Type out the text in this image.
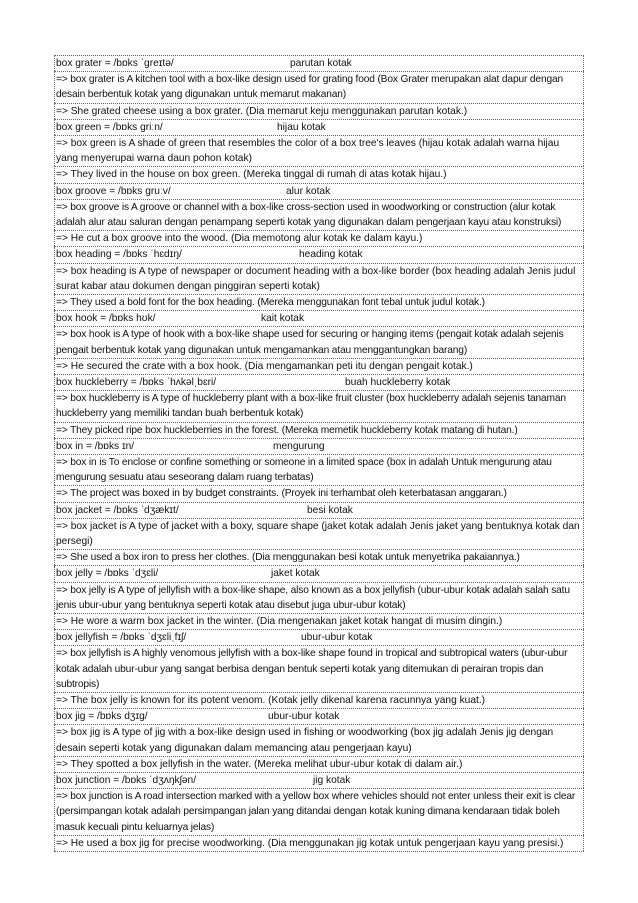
box grater = /bɒks ˈɡreɪtə/	parutan kotak
=> box grater is A kitchen tool with a box-like design used for grating food (Box Grater merupakan alat dapur dengan desain berbentuk kotak yang digunakan untuk memarut makanan)
=> She grated cheese using a box grater. (Dia memarut keju menggunakan parutan kotak.)
box green = /bɒks ɡriːn/	hijau kotak
=> box green is A shade of green that resembles the color of a box tree's leaves (hijau kotak adalah warna hijau yang menyerupai warna daun pohon kotak)
=> They lived in the house on box green. (Mereka tinggal di rumah di atas kotak hijau.)
box groove = /bɒks ɡruːv/	alur kotak
=> box groove is A groove or channel with a box-like cross-section used in woodworking or construction (alur kotak adalah alur atau saluran dengan penampang seperti kotak yang digunakan dalam pengerjaan kayu atau konstruksi)
=> He cut a box groove into the wood. (Dia memotong alur kotak ke dalam kayu.)
box heading = /bɒks ˈhɛdɪŋ/	heading kotak
=> box heading is A type of newspaper or document heading with a box-like border (box heading adalah Jenis judul surat kabar atau dokumen dengan pinggiran seperti kotak)
=> They used a bold font for the box heading. (Mereka menggunakan font tebal untuk judul kotak.)
box hook = /bɒks hʊk/	kait kotak
=> box hook is A type of hook with a box-like shape used for securing or hanging items (pengait kotak adalah sejenis pengait berbentuk kotak yang digunakan untuk mengamankan atau menggantungkan barang)
=> He secured the crate with a box hook. (Dia mengamankan peti itu dengan pengait kotak.)
box huckleberry = /bɒks ˈhʌkəlˌbɛri/	buah huckleberry kotak
=> box huckleberry is A type of huckleberry plant with a box-like fruit cluster (box huckleberry adalah sejenis tanaman huckleberry yang memiliki tandan buah berbentuk kotak)
=> They picked ripe box huckleberries in the forest. (Mereka memetik huckleberry kotak matang di hutan.)
box in = /bɒks ɪn/	mengurung
=> box in is To enclose or confine something or someone in a limited space (box in adalah Untuk mengurung atau mengurung sesuatu atau seseorang dalam ruang terbatas)
=> The project was boxed in by budget constraints. (Proyek ini terhambat oleh keterbatasan anggaran.)
box jacket = /bɒks ˈdʒækɪt/	besi kotak
=> box jacket is A type of jacket with a boxy, square shape (jaket kotak adalah Jenis jaket yang bentuknya kotak dan persegi)
=> She used a box iron to press her clothes. (Dia menggunakan besi kotak untuk menyetrika pakaiannya.)
box jelly = /bɒks ˈdʒɛli/	jaket kotak
=> box jelly is A type of jellyfish with a box-like shape, also known as a box jellyfish (ubur-ubur kotak adalah salah satu jenis ubur-ubur yang bentuknya seperti kotak atau disebut juga ubur-ubur kotak)
=> He wore a warm box jacket in the winter. (Dia mengenakan jaket kotak hangat di musim dingin.)
box jellyfish = /bɒks ˈdʒɛliˌfɪʃ/	ubur-ubur kotak
=> box jellyfish is A highly venomous jellyfish with a box-like shape found in tropical and subtropical waters (ubur-ubur kotak adalah ubur-ubur yang sangat berbisa dengan bentuk seperti kotak yang ditemukan di perairan tropis dan subtropis)
=> The box jelly is known for its potent venom. (Kotak jelly dikenal karena racunnya yang kuat.)
box jig = /bɒks dʒɪɡ/	ubur-ubur kotak
=> box jig is A type of jig with a box-like design used in fishing or woodworking (box jig adalah Jenis jig dengan desain seperti kotak yang digunakan dalam memancing atau pengerjaan kayu)
=> They spotted a box jellyfish in the water. (Mereka melihat ubur-ubur kotak di dalam air.)
box junction = /bɒks ˈdʒʌŋkʃən/	jig kotak
=> box junction is A road intersection marked with a yellow box where vehicles should not enter unless their exit is clear (persimpangan kotak adalah persimpangan jalan yang ditandai dengan kotak kuning dimana kendaraan tidak boleh masuk kecuali pintu keluarnya jelas)
=> He used a box jig for precise woodworking. (Dia menggunakan jig kotak untuk pengerjaan kayu yang presisi.)
